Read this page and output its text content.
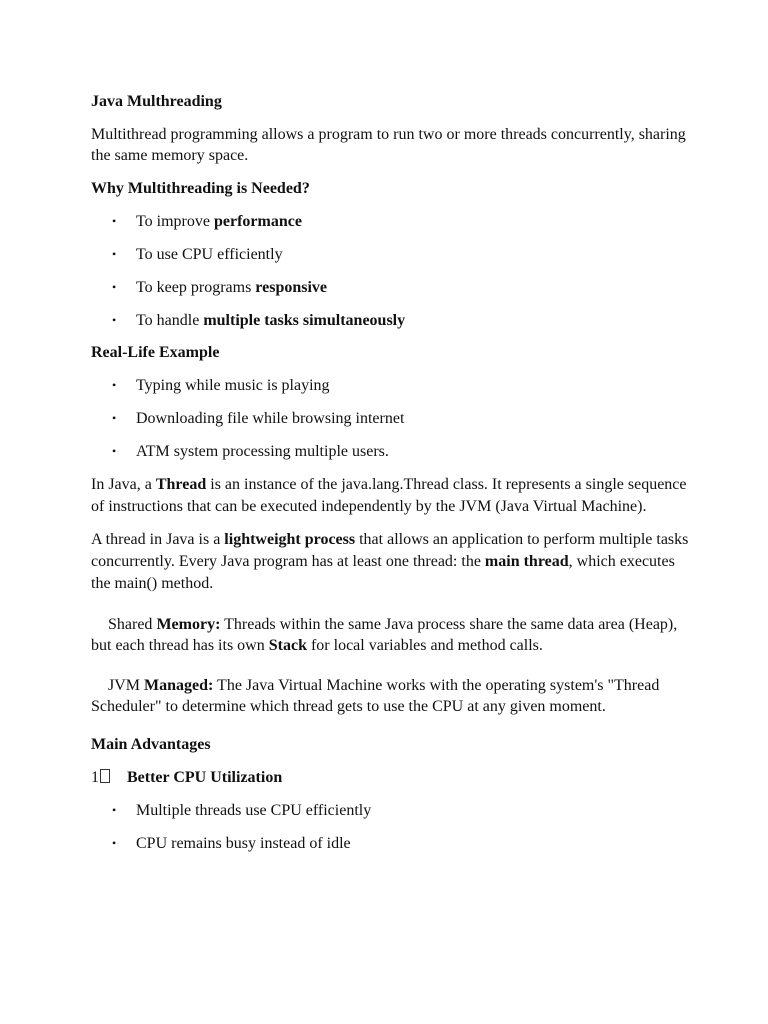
Java Multhreading

Multithread programming allows a program to run two or more threads concurrently, sharing the same memory space.

Why Multithreading is Needed?
• To improve performance
• To use CPU efficiently
• To keep programs responsive
• To handle multiple tasks simultaneously
Real-Life Example
• Typing while music is playing
• Downloading file while browsing internet
• ATM system processing multiple users.

In Java, a Thread is an instance of the java.lang.Thread class. It represents a single sequence of instructions that can be executed independently by the JVM (Java Virtual Machine).

A thread in Java is a lightweight process that allows an application to perform multiple tasks concurrently. Every Java program has at least one thread: the main thread, which executes the main() method.

Shared Memory: Threads within the same Java process share the same data area (Heap), but each thread has its own Stack for local variables and method calls.

JVM Managed: The Java Virtual Machine works with the operating system's "Thread Scheduler" to determine which thread gets to use the CPU at any given moment.

Main Advantages
1 Better CPU Utilization
• Multiple threads use CPU efficiently
• CPU remains busy instead of idle
